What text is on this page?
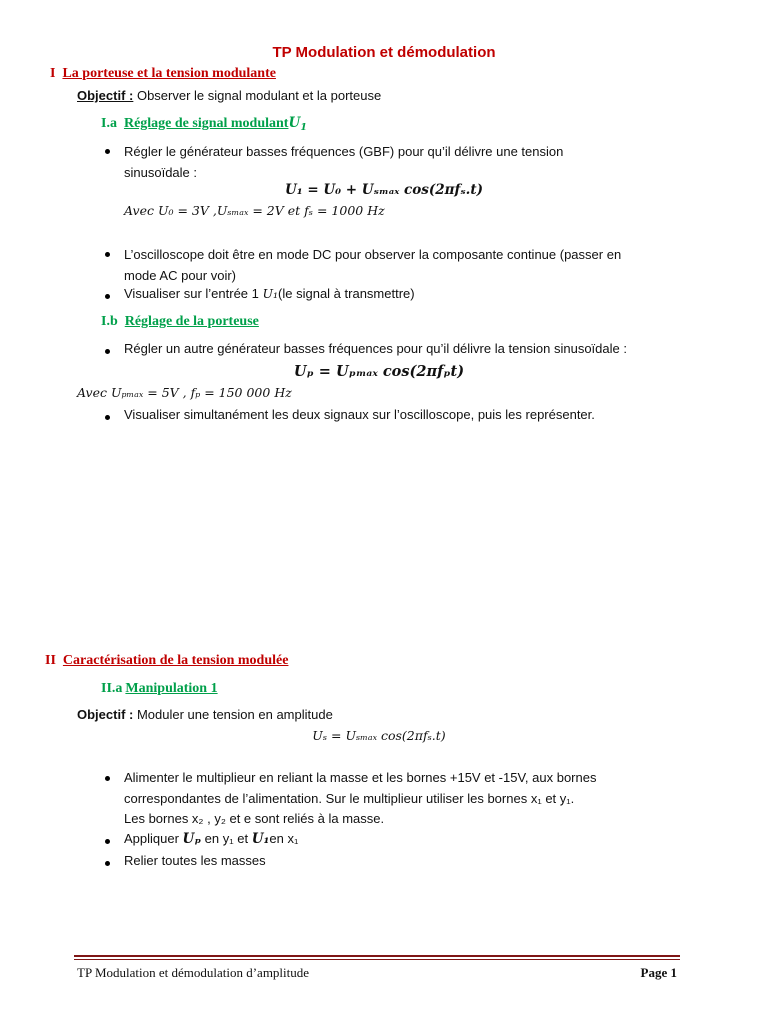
TP Modulation et démodulation
I La porteuse et la tension modulante
Objectif : Observer le signal modulant et la porteuse
I.a Réglage de signal modulantU$_1$
Régler le générateur basses fréquences (GBF) pour qu’il délivre une tension
sinusoïdale :
U₁ = U₀ + Uₛₘₐₓ cos(2πfₛ.t)
Avec U₀ = 3V ,Uₛₘₐₓ = 2V et fₛ = 1000 Hz
L’oscilloscope doit être en mode DC pour observer la composante continue (passer en
mode AC pour voir)
Visualiser sur l’entrée 1 U₁(le signal à transmettre)
I.b Réglage de la porteuse
Régler un autre générateur basses fréquences pour qu’il délivre la tension sinusoïdale :
Uₚ = Uₚₘₐₓ cos(2πfₚt)
Avec Uₚₘₐₓ = 5V , fₚ = 150 000 Hz
Visualiser simultanément les deux signaux sur l’oscilloscope, puis les représenter.
II Caractérisation de la tension modulée
II.a Manipulation 1
Objectif : Moduler une tension en amplitude
Uₛ = Uₛₘₐₓ cos(2πfₛ.t)
Alimenter le multiplieur en reliant la masse et les bornes +15V et -15V, aux bornes
correspondantes de l’alimentation. Sur le multiplieur utiliser les bornes x₁ et y₁.
Les bornes x₂ , y₂ et e sont reliés à la masse.
Appliquer Uₚ en y₁ et U₁en x₁
Relier toutes les masses
TP Modulation et démodulation d’amplitude	Page 1
